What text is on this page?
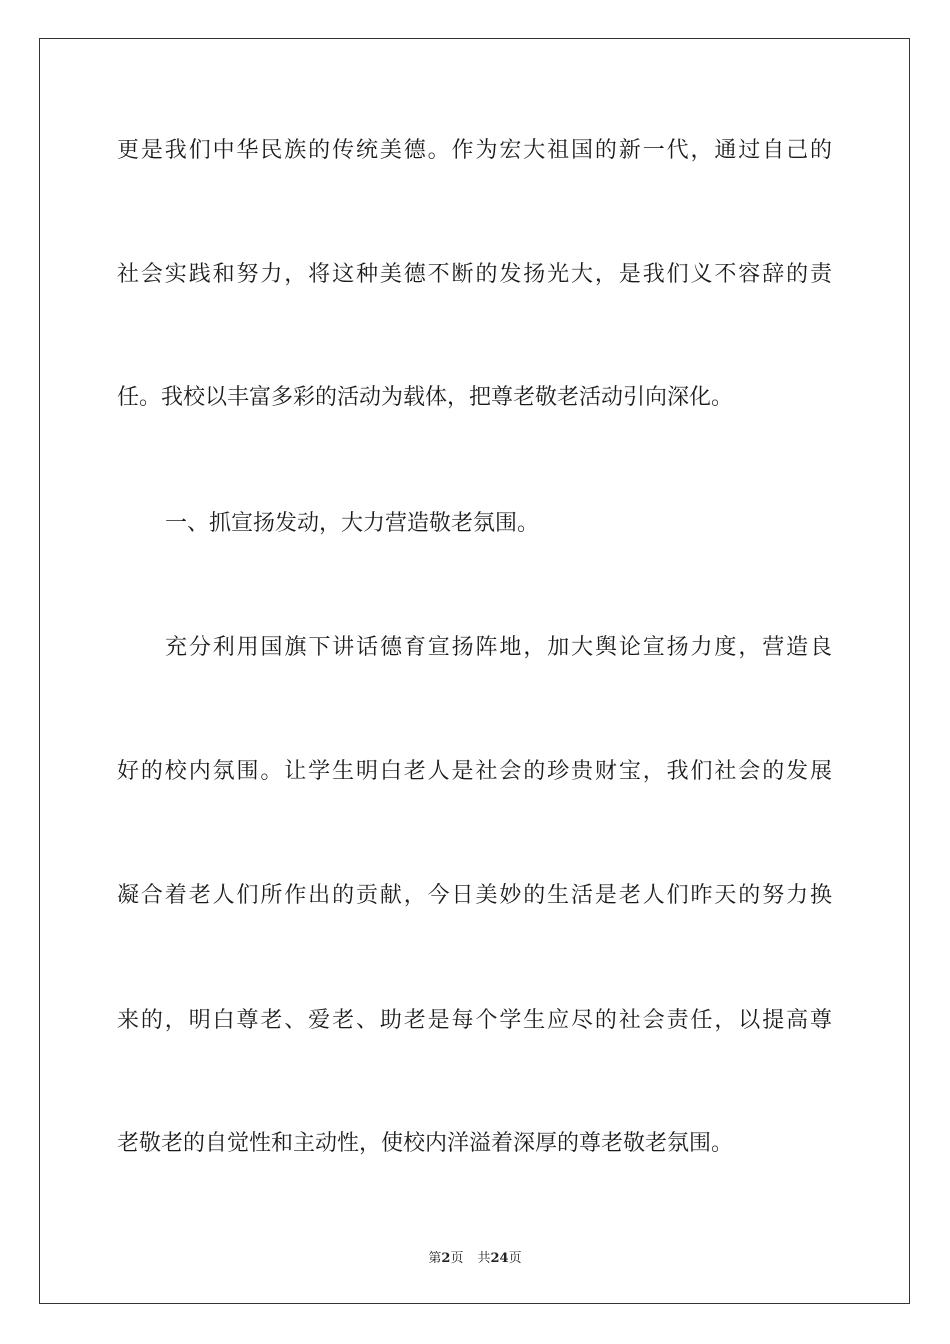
更是我们中华民族的传统美德。作为宏大祖国的新一代，通过自己的
社会实践和努力，将这种美德不断的发扬光大，是我们义不容辞的责
任。我校以丰富多彩的活动为载体，把尊老敬老活动引向深化。
一、抓宣扬发动，大力营造敬老氛围。
充分利用国旗下讲话德育宣扬阵地，加大舆论宣扬力度，营造良
好的校内氛围。让学生明白老人是社会的珍贵财宝，我们社会的发展
凝合着老人们所作出的贡献，今日美妙的生活是老人们昨天的努力换
来的，明白尊老、爱老、助老是每个学生应尽的社会责任，以提高尊
老敬老的自觉性和主动性，使校内洋溢着深厚的尊老敬老氛围。
第2页 共24页
